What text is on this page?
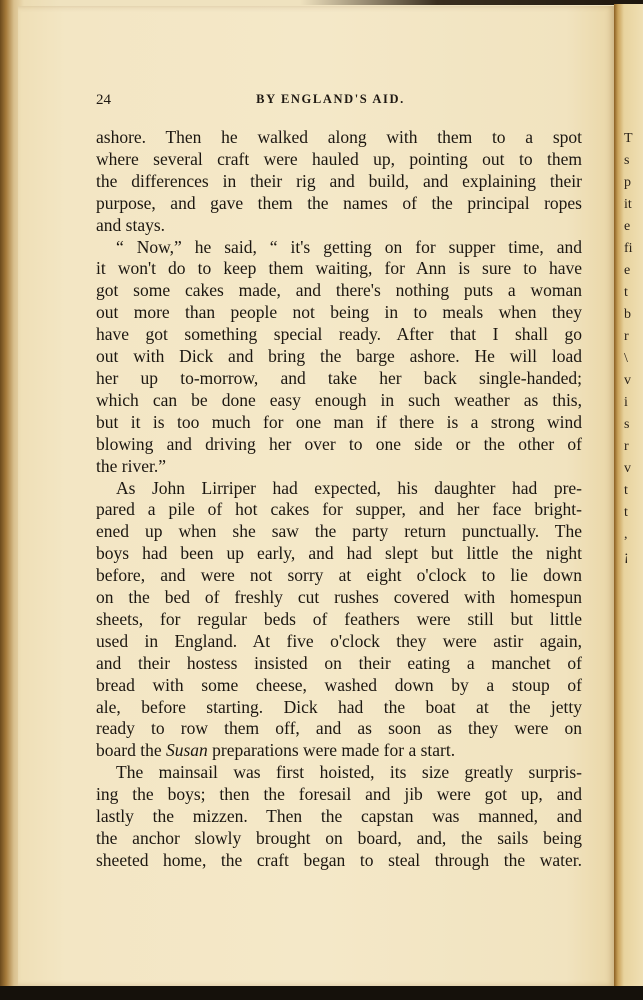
T
s
p
it
e
fi
e
t
b
r
\
v
i
s
r
v
t
t
,
¡
24	BY ENGLAND'S AID.

ashore. Then he walked along with them to a spot
where several craft were hauled up, pointing out to them
the differences in their rig and build, and explaining their
purpose, and gave them the names of the principal ropes
and stays.

“ Now,” he said, “ it's getting on for supper time, and
it won't do to keep them waiting, for Ann is sure to have
got some cakes made, and there's nothing puts a woman
out more than people not being in to meals when they
have got something special ready. After that I shall go
out with Dick and bring the barge ashore. He will load
her up to-morrow, and take her back single-handed;
which can be done easy enough in such weather as this,
but it is too much for one man if there is a strong wind
blowing and driving her over to one side or the other of
the river.”

As John Lirriper had expected, his daughter had pre-
pared a pile of hot cakes for supper, and her face bright-
ened up when she saw the party return punctually. The
boys had been up early, and had slept but little the night
before, and were not sorry at eight o'clock to lie down
on the bed of freshly cut rushes covered with homespun
sheets, for regular beds of feathers were still but little
used in England. At five o'clock they were astir again,
and their hostess insisted on their eating a manchet of
bread with some cheese, washed down by a stoup of
ale, before starting. Dick had the boat at the jetty
ready to row them off, and as soon as they were on
board the Susan preparations were made for a start.

The mainsail was first hoisted, its size greatly surpris-
ing the boys; then the foresail and jib were got up, and
lastly the mizzen. Then the capstan was manned, and
the anchor slowly brought on board, and, the sails being
sheeted home, the craft began to steal through the water.
